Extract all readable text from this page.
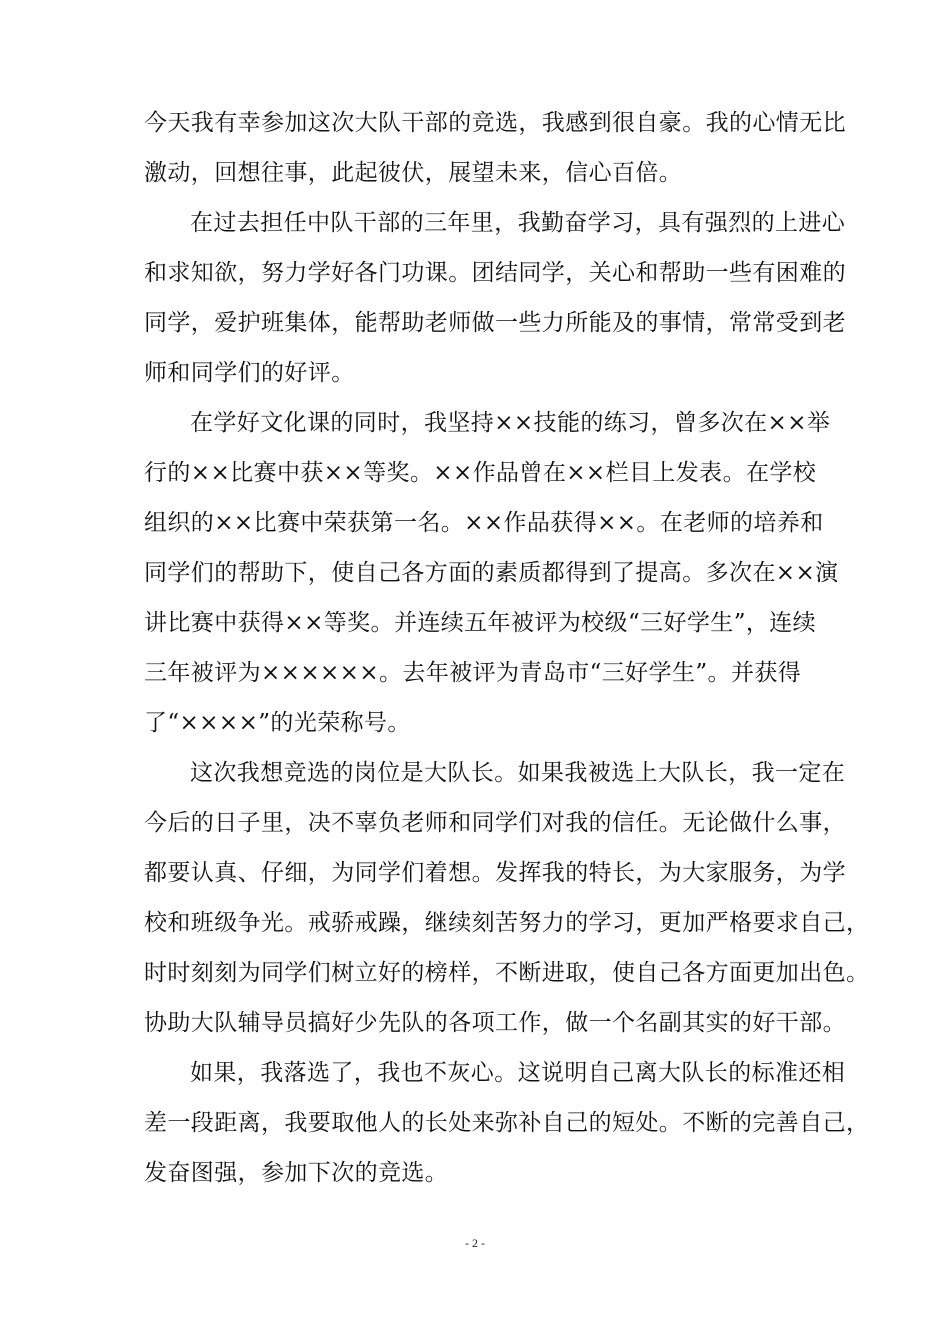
今天我有幸参加这次大队干部的竞选，我感到很自豪。我的心情无比
激动，回想往事，此起彼伏，展望未来，信心百倍。
在过去担任中队干部的三年里，我勤奋学习，具有强烈的上进心
和求知欲，努力学好各门功课。团结同学，关心和帮助一些有困难的
同学，爱护班集体，能帮助老师做一些力所能及的事情，常常受到老
师和同学们的好评。
在学好文化课的同时，我坚持××技能的练习，曾多次在××举
行的××比赛中获××等奖。××作品曾在××栏目上发表。在学校
组织的××比赛中荣获第一名。××作品获得××。在老师的培养和
同学们的帮助下，使自己各方面的素质都得到了提高。多次在××演
讲比赛中获得××等奖。并连续五年被评为校级“三好学生”，连续
三年被评为××××××。去年被评为青岛市“三好学生”。并获得
了“××××”的光荣称号。
这次我想竞选的岗位是大队长。如果我被选上大队长，我一定在
今后的日子里，决不辜负老师和同学们对我的信任。无论做什么事，
都要认真、仔细，为同学们着想。发挥我的特长，为大家服务，为学
校和班级争光。戒骄戒躁，继续刻苦努力的学习，更加严格要求自己，
时时刻刻为同学们树立好的榜样，不断进取，使自己各方面更加出色。
协助大队辅导员搞好少先队的各项工作，做一个名副其实的好干部。
如果，我落选了，我也不灰心。这说明自己离大队长的标准还相
差一段距离，我要取他人的长处来弥补自己的短处。不断的完善自己，
发奋图强，参加下次的竞选。
- 2 -
